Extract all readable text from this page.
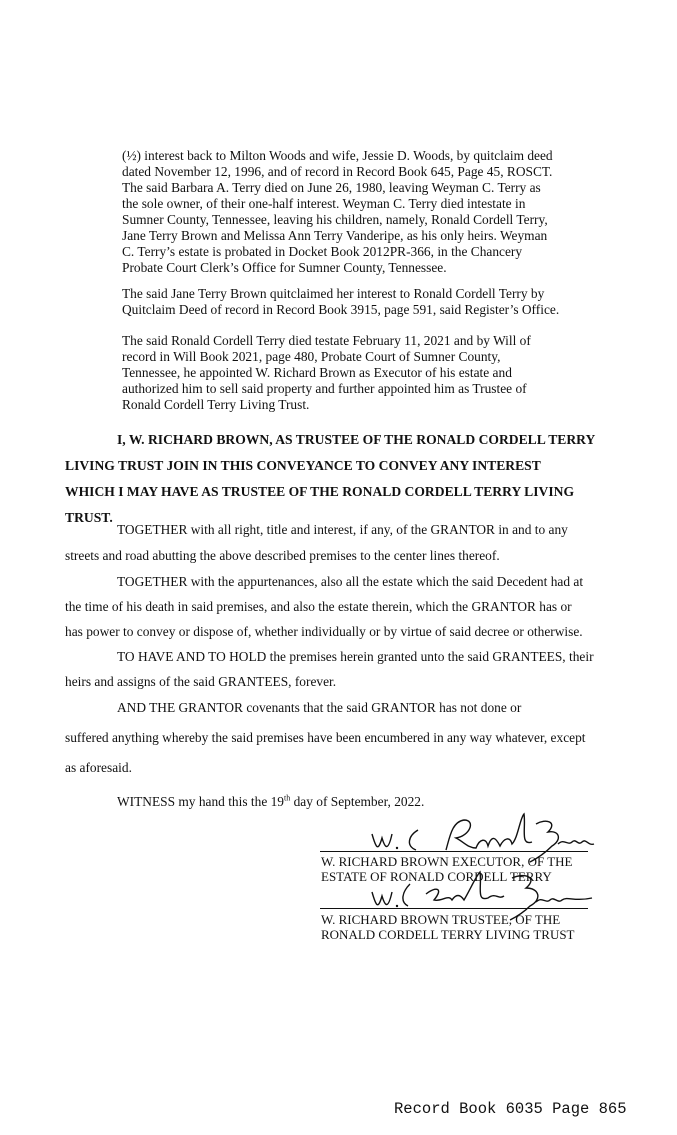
(½) interest back to Milton Woods and wife, Jessie D. Woods, by quitclaim deed
dated November 12, 1996, and of record in Record Book 645, Page 45, ROSCT.
The said Barbara A. Terry died on June 26, 1980, leaving Weyman C. Terry as
the sole owner, of their one-half interest. Weyman C. Terry died intestate in
Sumner County, Tennessee, leaving his children, namely, Ronald Cordell Terry,
Jane Terry Brown and Melissa Ann Terry Vanderipe, as his only heirs. Weyman
C. Terry’s estate is probated in Docket Book 2012PR-366, in the Chancery
Probate Court Clerk’s Office for Sumner County, Tennessee.
The said Jane Terry Brown quitclaimed her interest to Ronald Cordell Terry by
Quitclaim Deed of record in Record Book 3915, page 591, said Register’s Office.
The said Ronald Cordell Terry died testate February 11, 2021 and by Will of
record in Will Book 2021, page 480, Probate Court of Sumner County,
Tennessee, he appointed W. Richard Brown as Executor of his estate and
authorized him to sell said property and further appointed him as Trustee of
Ronald Cordell Terry Living Trust.
I, W. RICHARD BROWN, AS TRUSTEE OF THE RONALD CORDELL TERRY
LIVING TRUST JOIN IN THIS CONVEYANCE TO CONVEY ANY INTEREST
WHICH I MAY HAVE AS TRUSTEE OF THE RONALD CORDELL TERRY LIVING
TRUST.
TOGETHER with all right, title and interest, if any, of the GRANTOR in and to any
streets and road abutting the above described premises to the center lines thereof.
TOGETHER with the appurtenances, also all the estate which the said Decedent had at
the time of his death in said premises, and also the estate therein, which the GRANTOR has or
has power to convey or dispose of, whether individually or by virtue of said decree or otherwise.
TO HAVE AND TO HOLD the premises herein granted unto the said GRANTEES, their
heirs and assigns of the said GRANTEES, forever.
AND THE GRANTOR covenants that the said GRANTOR has not done or
suffered anything whereby the said premises have been encumbered in any way whatever, except
as aforesaid.
WITNESS my hand this the 19th day of September, 2022.
W. RICHARD BROWN EXECUTOR, OF THE
ESTATE OF RONALD CORDELL TERRY
W. RICHARD BROWN TRUSTEE, OF THE
RONALD CORDELL TERRY LIVING TRUST
Record Book 6035 Page 865
